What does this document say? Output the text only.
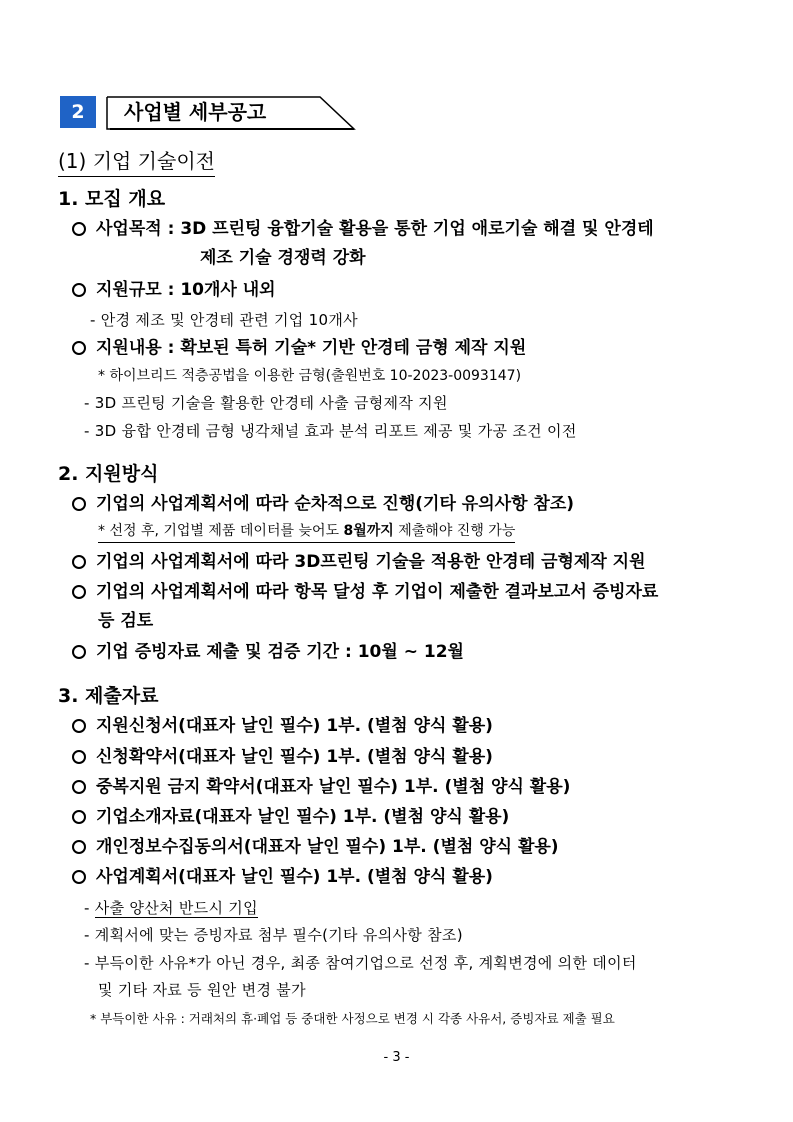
2	사업별 세부공고
(1) 기업 기술이전
1. 모집 개요
사업목적 : 3D 프린팅 융합기술 활용을 통한 기업 애로기술 해결 및 안경테
제조 기술 경쟁력 강화
지원규모 : 10개사 내외
- 안경 제조 및 안경테 관련 기업 10개사
지원내용 : 확보된 특허 기술* 기반 안경테 금형 제작 지원
* 하이브리드 적층공법을 이용한 금형(출원번호 10-2023-0093147)
- 3D 프린팅 기술을 활용한 안경테 사출 금형제작 지원
- 3D 융합 안경테 금형 냉각채널 효과 분석 리포트 제공 및 가공 조건 이전
2. 지원방식
기업의 사업계획서에 따라 순차적으로 진행(기타 유의사항 참조)
* 선정 후, 기업별 제품 데이터를 늦어도 8월까지 제출해야 진행 가능
기업의 사업계획서에 따라 3D프린팅 기술을 적용한 안경테 금형제작 지원
기업의 사업계획서에 따라 항목 달성 후 기업이 제출한 결과보고서 증빙자료
등 검토
기업 증빙자료 제출 및 검증 기간 : 10월 ~ 12월
3. 제출자료
지원신청서(대표자 날인 필수) 1부. (별첨 양식 활용)
신청확약서(대표자 날인 필수) 1부. (별첨 양식 활용)
중복지원 금지 확약서(대표자 날인 필수) 1부. (별첨 양식 활용)
기업소개자료(대표자 날인 필수) 1부. (별첨 양식 활용)
개인정보수집동의서(대표자 날인 필수) 1부. (별첨 양식 활용)
사업계획서(대표자 날인 필수) 1부. (별첨 양식 활용)
- 사출 양산처 반드시 기입
- 계획서에 맞는 증빙자료 첨부 필수(기타 유의사항 참조)
- 부득이한 사유*가 아닌 경우, 최종 참여기업으로 선정 후, 계획변경에 의한 데이터
및 기타 자료 등 원안 변경 불가
* 부득이한 사유 : 거래처의 휴·폐업 등 중대한 사정으로 변경 시 각종 사유서, 증빙자료 제출 필요
- 3 -
